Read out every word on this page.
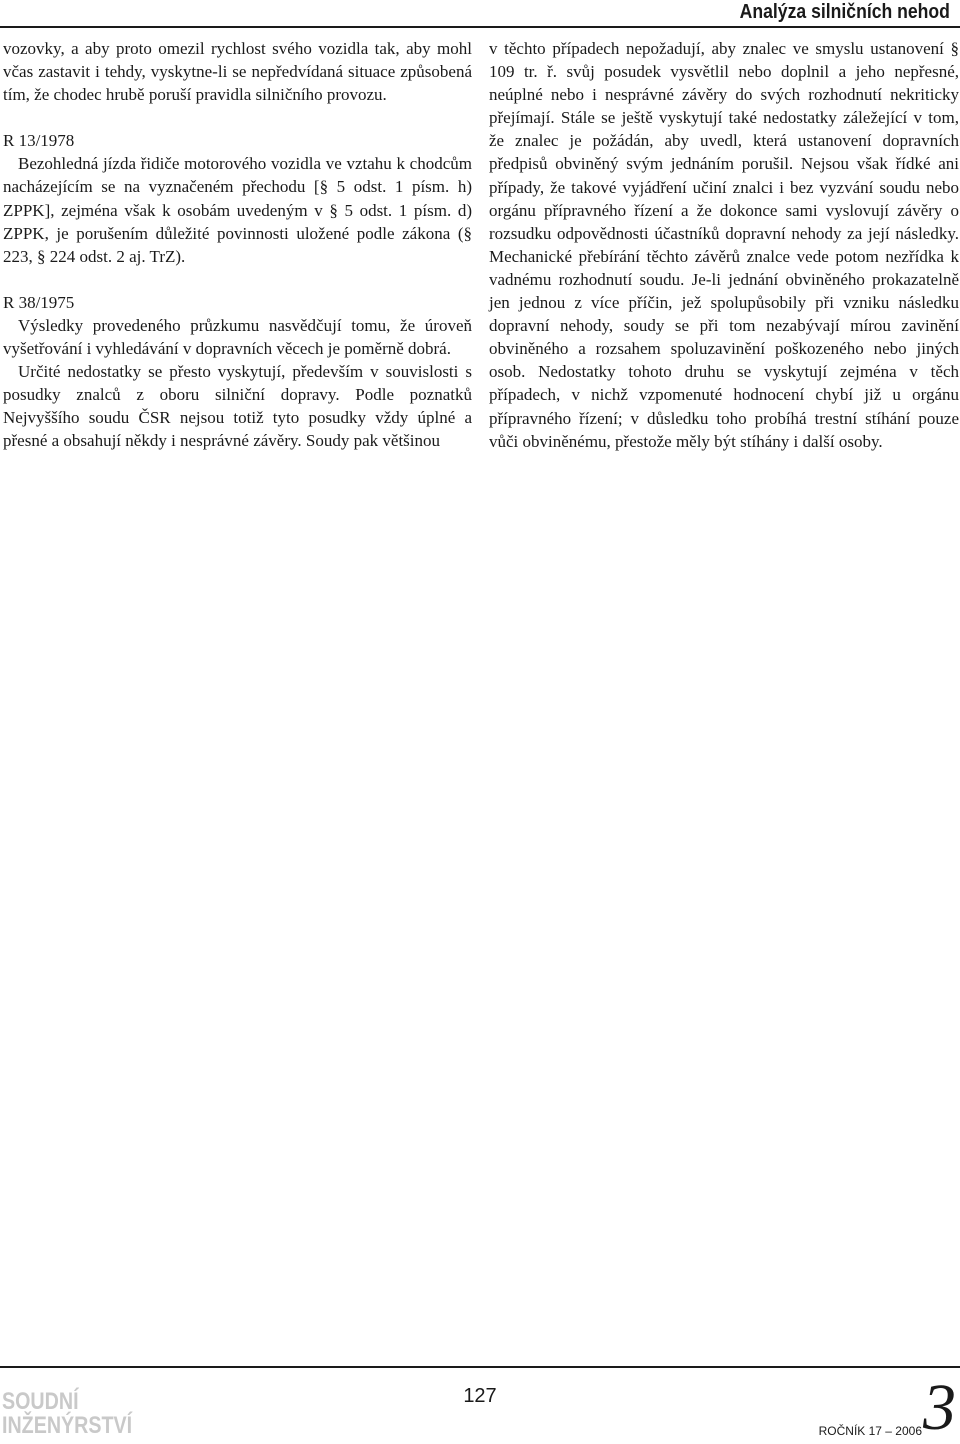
Analýza silničních nehod

vozovky, a aby proto omezil rychlost svého vozidla tak, aby mohl včas zastavit i tehdy, vyskytne-li se nepředvídaná situace způsobená tím, že chodec hrubě poruší pravidla silničního provozu.

R 13/1978

Bezohledná jízda řidiče motorového vozidla ve vztahu k chodcům nacházejícím se na vyznačeném přechodu [§ 5 odst. 1 písm. h) ZPPK], zejména však k osobám uvedeným v § 5 odst. 1 písm. d) ZPPK, je porušením důležité povinnosti uložené podle zákona (§ 223, § 224 odst. 2 aj. TrZ).

R 38/1975

Výsledky provedeného průzkumu nasvědčují tomu, že úroveň vyšetřování i vyhledávání v dopravních věcech je poměrně dobrá.

Určité nedostatky se přesto vyskytují, především v souvislosti s posudky znalců z oboru silniční dopravy. Podle poznatků Nejvyššího soudu ČSR nejsou totiž tyto posudky vždy úplné a přesné a obsahují někdy i nesprávné závěry. Soudy pak většinou

v těchto případech nepožadují, aby znalec ve smyslu ustanovení § 109 tr. ř. svůj posudek vysvětlil nebo doplnil a jeho nepřesné, neúplné nebo i nesprávné závěry do svých rozhodnutí nekriticky přejímají. Stále se ještě vyskytují také nedostatky záležející v tom, že znalec je požádán, aby uvedl, která ustanovení dopravních předpisů obviněný svým jednáním porušil. Nejsou však řídké ani případy, že takové vyjádření učiní znalci i bez vyzvání soudu nebo orgánu přípravného řízení a že dokonce sami vyslovují závěry o rozsudku odpovědnosti účastníků dopravní nehody za její následky. Mechanické přebírání těchto závěrů znalce vede potom nezřídka k vadnému rozhodnutí soudu. Je-li jednání obviněného prokazatelně jen jednou z více příčin, jež spolupůsobily při vzniku následku dopravní nehody, soudy se při tom nezabývají mírou zavinění obviněného a rozsahem spoluzavinění poškozeného nebo jiných osob. Nedostatky tohoto druhu se vyskytují zejména v těch případech, v nichž vzpomenuté hodnocení chybí již u orgánu přípravného řízení; v důsledku toho probíhá trestní stíhání pouze vůči obviněnému, přestože měly být stíhány i další osoby.

127
SOUDNÍ
INŽENÝRSTVÍ	ROČNÍK 17 – 2006 3
